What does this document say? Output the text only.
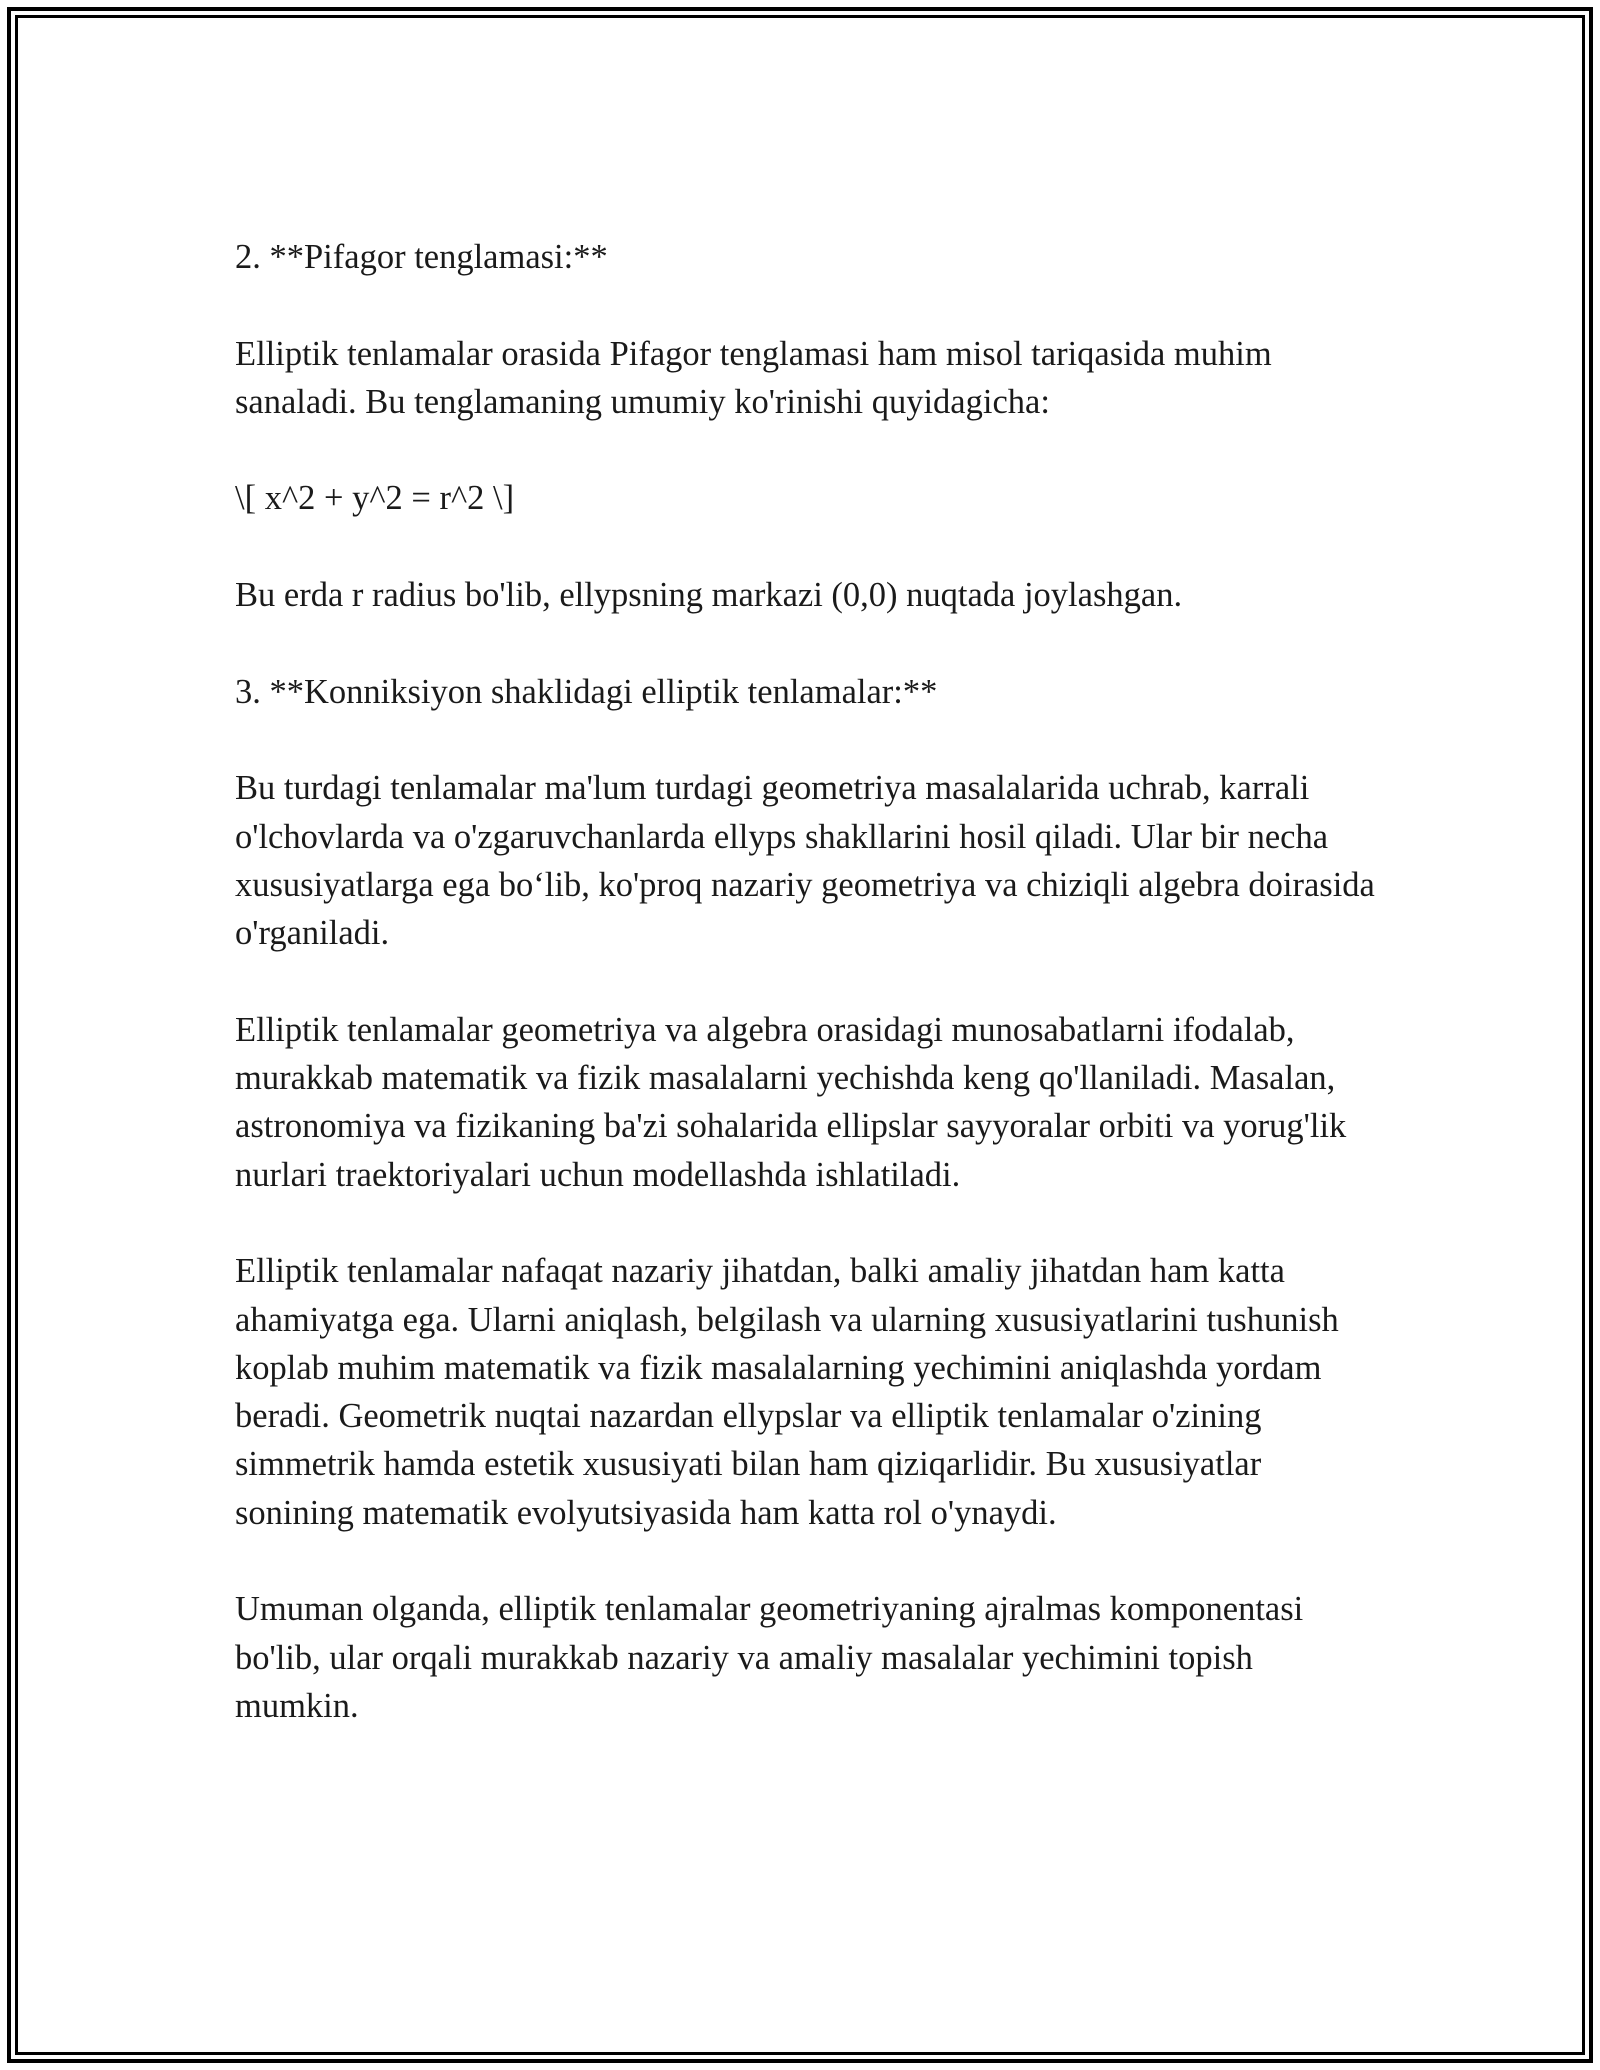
2. **Pifagor tenglamasi:**

Elliptik tenlamalar orasida Pifagor tenglamasi ham misol tariqasida muhim sanaladi. Bu tenglamaning umumiy ko'rinishi quyidagicha:

\[ x^2 + y^2 = r^2 \]

Bu erda r radius bo'lib, ellypsning markazi (0,0) nuqtada joylashgan.

3. **Konniksiyon shaklidagi elliptik tenlamalar:**

Bu turdagi tenlamalar ma'lum turdagi geometriya masalalarida uchrab, karrali o'lchovlarda va o'zgaruvchanlarda ellyps shakllarini hosil qiladi. Ular bir necha xususiyatlarga ega bo‘lib, ko'proq nazariy geometriya va chiziqli algebra doirasida o'rganiladi.

Elliptik tenlamalar geometriya va algebra orasidagi munosabatlarni ifodalab, murakkab matematik va fizik masalalarni yechishda keng qo'llaniladi. Masalan, astronomiya va fizikaning ba'zi sohalarida ellipslar sayyoralar orbiti va yorug'lik nurlari traektoriyalari uchun modellashda ishlatiladi.

Elliptik tenlamalar nafaqat nazariy jihatdan, balki amaliy jihatdan ham katta ahamiyatga ega. Ularni aniqlash, belgilash va ularning xususiyatlarini tushunish koplab muhim matematik va fizik masalalarning yechimini aniqlashda yordam beradi. Geometrik nuqtai nazardan ellypslar va elliptik tenlamalar o'zining simmetrik hamda estetik xususiyati bilan ham qiziqarlidir. Bu xususiyatlar sonining matematik evolyutsiyasida ham katta rol o'ynaydi.

Umuman olganda, elliptik tenlamalar geometriyaning ajralmas komponentasi bo'lib, ular orqali murakkab nazariy va amaliy masalalar yechimini topish mumkin.
